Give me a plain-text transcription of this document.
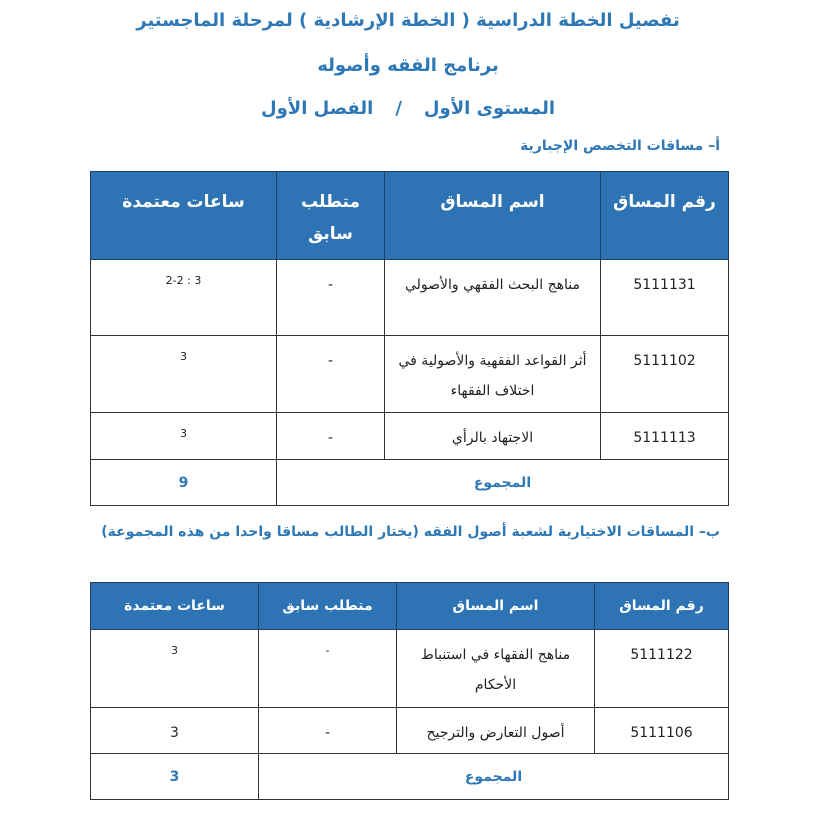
تفصيل الخطة الدراسية ( الخطة الإرشادية ) لمرحلة الماجستير
برنامج الفقه وأصوله
المستوى الأول/الفصل الأول
أ– مساقات التخصص الإجبارية
رقم المساق	اسم المساق	متطلب سابق	ساعات معتمدة
5111131	مناهج البحث الفقهي والأصولي	-	3 : 2-2
5111102	أثر القواعد الفقهية والأصولية في اختلاف الفقهاء	-	3
5111113	الاجتهاد بالرأي	-	3
المجموع			9
ب– المساقات الاختيارية لشعبة أصول الفقه (يختار الطالب مساقا واحدا من هذه المجموعة)
رقم المساق	اسم المساق	متطلب سابق	ساعات معتمدة
5111122	مناهج الفقهاء في استنباط الأحكام	-	3
5111106	أصول التعارض والترجيح	-	3
المجموع			3
